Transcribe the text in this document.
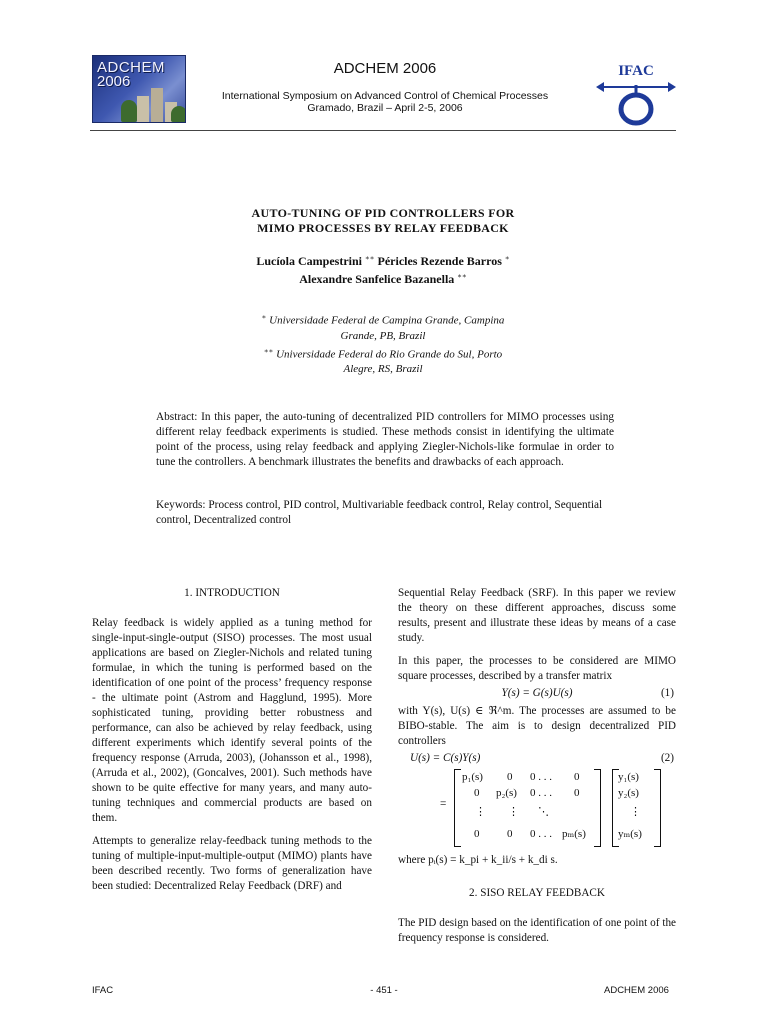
ADCHEM
2006
ADCHEM 2006
International Symposium on Advanced Control of Chemical Processes
Gramado, Brazil – April 2-5, 2006
IFAC
AUTO-TUNING OF PID CONTROLLERS FOR
MIMO PROCESSES BY RELAY FEEDBACK
Lucíola Campestrini ∗∗ Péricles Rezende Barros ∗
Alexandre Sanfelice Bazanella ∗∗
∗ Universidade Federal de Campina Grande, Campina
Grande, PB, Brazil
∗∗ Universidade Federal do Rio Grande do Sul, Porto
Alegre, RS, Brazil
Abstract: In this paper, the auto-tuning of decentralized PID controllers for MIMO processes using different relay feedback experiments is studied. These methods consist in identifying the ultimate point of the process, using relay feedback and applying Ziegler-Nichols-like formulae in order to tune the controllers. A benchmark illustrates the benefits and drawbacks of each approach.
Keywords: Process control, PID control, Multivariable feedback control, Relay control, Sequential control, Decentralized control
1. INTRODUCTION

Relay feedback is widely applied as a tuning method for single-input-single-output (SISO) processes. The most usual applications are based on Ziegler-Nichols and related tuning formulae, in which the tuning is performed based on the identification of one point of the process’ frequency response - the ultimate point (Astrom and Hagglund, 1995). More sophisticated tuning, providing better robustness and performance, can also be achieved by relay feedback, using different experiments which identify several points of the frequency response (Arruda, 2003), (Johansson et al., 1998), (Arruda et al., 2002), (Goncalves, 2001). Such methods have shown to be quite effective for many years, and many auto-tuning techniques and commercial products are based on them.

Attempts to generalize relay-feedback tuning methods to the tuning of multiple-input-multiple-output (MIMO) plants have been described recently. Two forms of generalization have been studied: Decentralized Relay Feedback (DRF) and

Sequential Relay Feedback (SRF). In this paper we review the theory on these different approaches, discuss some results, present and illustrate these ideas by means of a case study.

In this paper, the processes to be considered are MIMO square processes, described by a transfer matrix

Y(s) = G(s)U(s)	(1)

with Y(s), U(s) ∈ ℜ^m. The processes are assumed to be BIBO-stable. The aim is to design decentralized PID controllers

U(s) = C(s)Y(s)	(2)
=
p₁(s) 0 0 . . . 0
0 p₂(s) 0 . . . 0
⋮ ⋮ ⋱
0	0 0 . . . pₘ(s)
y₁(s)
y₂(s)
⋮
yₘ(s)

where pᵢ(s) = k_pi + k_ii/s + k_di s.

2. SISO RELAY FEEDBACK

The PID design based on the identification of one point of the frequency response is considered.

IFAC	- 451 -	ADCHEM 2006
